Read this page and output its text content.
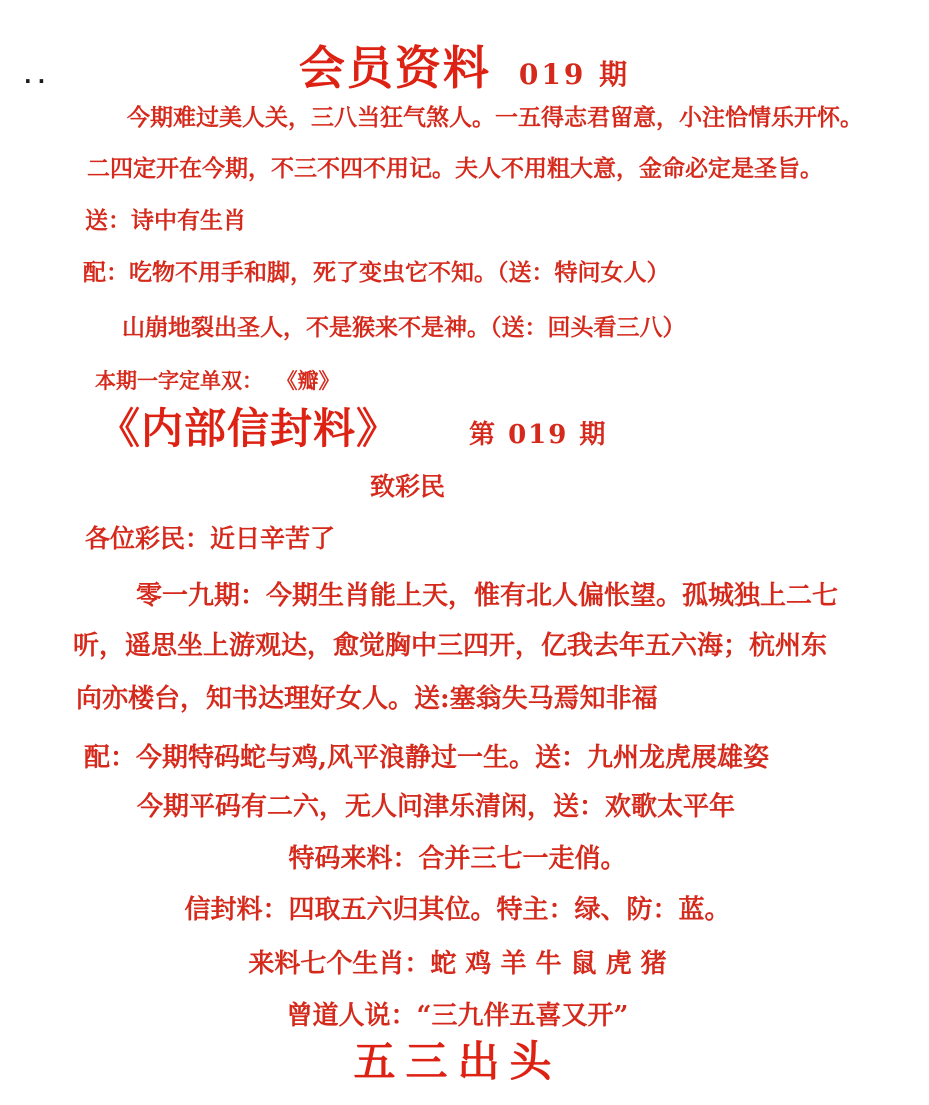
..	会员资料 019 期
今期难过美人关，三八当狂气煞人。一五得志君留意，小注恰情乐开怀。
二四定开在今期，不三不四不用记。夫人不用粗大意，金命必定是圣旨。
送：诗中有生肖
配：吃物不用手和脚，死了变虫它不知。（送：特问女人）
山崩地裂出圣人，不是猴来不是神。（送：回头看三八）
本期一字定单双： 《瓣》
《内部信封料》	第 019 期
致彩民
各位彩民：近日辛苦了
零一九期：今期生肖能上天，惟有北人偏怅望。孤城独上二七
听，遥思坐上游观达，愈觉胸中三四开，亿我去年五六海；杭州东
向亦楼台，知书达理好女人。送:塞翁失马焉知非福
配：今期特码蛇与鸡,风平浪静过一生。送：九州龙虎展雄姿
今期平码有二六，无人问津乐清闲，送：欢歌太平年
特码来料：合并三七一走俏。
信封料：四取五六归其位。特主：绿、防：蓝。
来料七个生肖：蛇 鸡 羊 牛 鼠 虎 猪
曾道人说：“三九伴五喜又开”
五三出头
